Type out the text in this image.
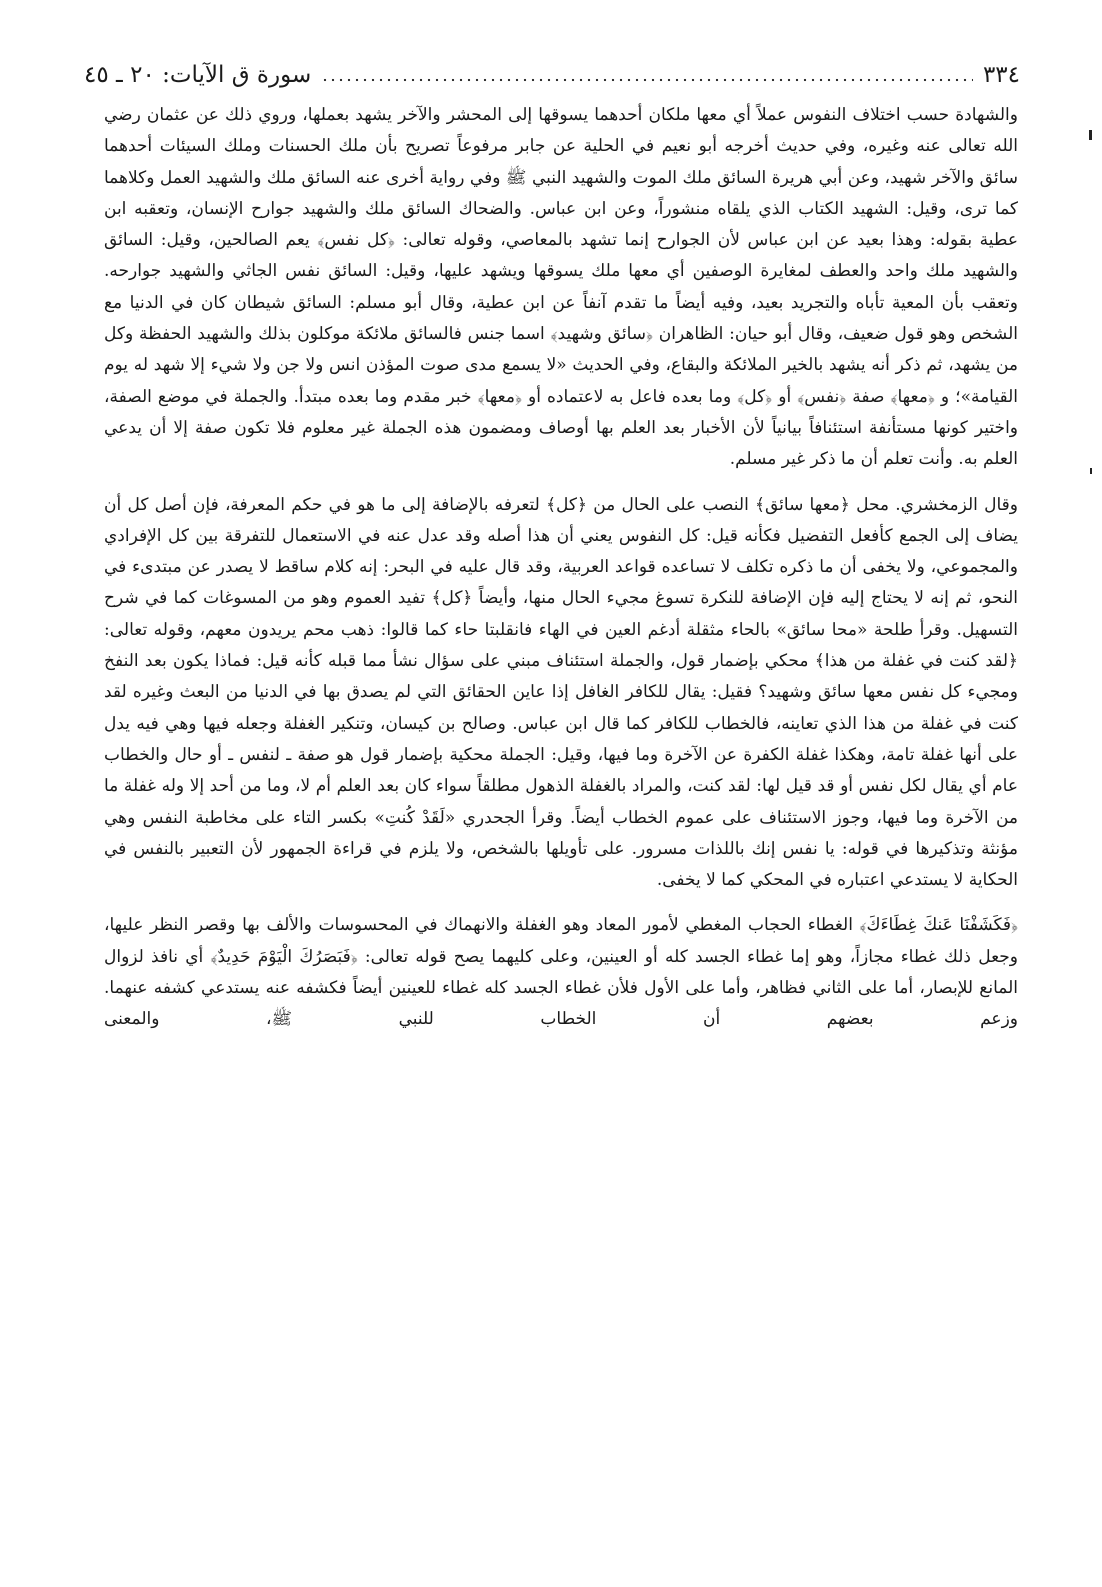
٣٣٤
سورة ق الآيات: ٢٠ ـ ٤٥

والشهادة حسب اختلاف النفوس عملاً أي معها ملكان أحدهما يسوقها إلى المحشر والآخر يشهد بعملها، وروي ذلك عن عثمان رضي الله تعالى عنه وغيره، وفي حديث أخرجه أبو نعيم في الحلية عن جابر مرفوعاً تصريح بأن ملك الحسنات وملك السيئات أحدهما سائق والآخر شهيد، وعن أبي هريرة السائق ملك الموت والشهيد النبي ﷺ وفي رواية أخرى عنه السائق ملك والشهيد العمل وكلاهما كما ترى، وقيل: الشهيد الكتاب الذي يلقاه منشوراً، وعن ابن عباس. والضحاك السائق ملك والشهيد جوارح الإنسان، وتعقبه ابن عطية بقوله: وهذا بعيد عن ابن عباس لأن الجوارح إنما تشهد بالمعاصي، وقوله تعالى: ﴿كل نفس﴾ يعم الصالحين، وقيل: السائق والشهيد ملك واحد والعطف لمغايرة الوصفين أي معها ملك يسوقها ويشهد عليها، وقيل: السائق نفس الجاثي والشهيد جوارحه. وتعقب بأن المعية تأباه والتجريد بعيد، وفيه أيضاً ما تقدم آنفاً عن ابن عطية، وقال أبو مسلم: السائق شيطان كان في الدنيا مع الشخص وهو قول ضعيف، وقال أبو حيان: الظاهران ﴿سائق وشهيد﴾ اسما جنس فالسائق ملائكة موكلون بذلك والشهيد الحفظة وكل من يشهد، ثم ذكر أنه يشهد بالخير الملائكة والبقاع، وفي الحديث «لا يسمع مدى صوت المؤذن انس ولا جن ولا شيء إلا شهد له يوم القيامة»؛ و ﴿معها﴾ صفة ﴿نفس﴾ أو ﴿كل﴾ وما بعده فاعل به لاعتماده أو ﴿معها﴾ خبر مقدم وما بعده مبتدأ. والجملة في موضع الصفة، واختير كونها مستأنفة استئنافاً بيانياً لأن الأخبار بعد العلم بها أوصاف ومضمون هذه الجملة غير معلوم فلا تكون صفة إلا أن يدعي العلم به. وأنت تعلم أن ما ذكر غير مسلم.

وقال الزمخشري. محل ﴿معها سائق﴾ النصب على الحال من ﴿كل﴾ لتعرفه بالإضافة إلى ما هو في حكم المعرفة، فإن أصل كل أن يضاف إلى الجمع كأفعل التفضيل فكأنه قيل: كل النفوس يعني أن هذا أصله وقد عدل عنه في الاستعمال للتفرقة بين كل الإفرادي والمجموعي، ولا يخفى أن ما ذكره تكلف لا تساعده قواعد العربية، وقد قال عليه في البحر: إنه كلام ساقط لا يصدر عن مبتدىء في النحو، ثم إنه لا يحتاج إليه فإن الإضافة للنكرة تسوغ مجيء الحال منها، وأيضاً ﴿كل﴾ تفيد العموم وهو من المسوغات كما في شرح التسهيل. وقرأ طلحة «محا سائق» بالحاء مثقلة أدغم العين في الهاء فانقلبتا حاء كما قالوا: ذهب محم يريدون معهم، وقوله تعالى: ﴿لقد كنت في غفلة من هذا﴾ محكي بإضمار قول، والجملة استئناف مبني على سؤال نشأ مما قبله كأنه قيل: فماذا يكون بعد النفخ ومجيء كل نفس معها سائق وشهيد؟ فقيل: يقال للكافر الغافل إذا عاين الحقائق التي لم يصدق بها في الدنيا من البعث وغيره لقد كنت في غفلة من هذا الذي تعاينه، فالخطاب للكافر كما قال ابن عباس. وصالح بن كيسان، وتنكير الغفلة وجعله فيها وهي فيه يدل على أنها غفلة تامة، وهكذا غفلة الكفرة عن الآخرة وما فيها، وقيل: الجملة محكية بإضمار قول هو صفة ـ لنفس ـ أو حال والخطاب عام أي يقال لكل نفس أو قد قيل لها: لقد كنت، والمراد بالغفلة الذهول مطلقاً سواء كان بعد العلم أم لا، وما من أحد إلا وله غفلة ما من الآخرة وما فيها، وجوز الاستئناف على عموم الخطاب أيضاً. وقرأ الجحدري «لَقَدْ كُنتِ» بكسر التاء على مخاطبة النفس وهي مؤنثة وتذكيرها في قوله: يا نفس إنك باللذات مسرور. على تأويلها بالشخص، ولا يلزم في قراءة الجمهور لأن التعبير بالنفس في الحكاية لا يستدعي اعتباره في المحكي كما لا يخفى.

﴿فَكَشَفْنَا عَنكَ غِطَاءَكَ﴾ الغطاء الحجاب المغطي لأمور المعاد وهو الغفلة والانهماك في المحسوسات والألف بها وقصر النظر عليها، وجعل ذلك غطاء مجازاً، وهو إما غطاء الجسد كله أو العينين، وعلى كليهما يصح قوله تعالى: ﴿فَبَصَرُكَ الْيَوْمَ حَدِيدٌ﴾ أي نافذ لزوال المانع للإبصار، أما على الثاني فظاهر، وأما على الأول فلأن غطاء الجسد كله غطاء للعينين أيضاً فكشفه عنه يستدعي كشفه عنهما. وزعم بعضهم أن الخطاب للنبي ﷺ، والمعنى
